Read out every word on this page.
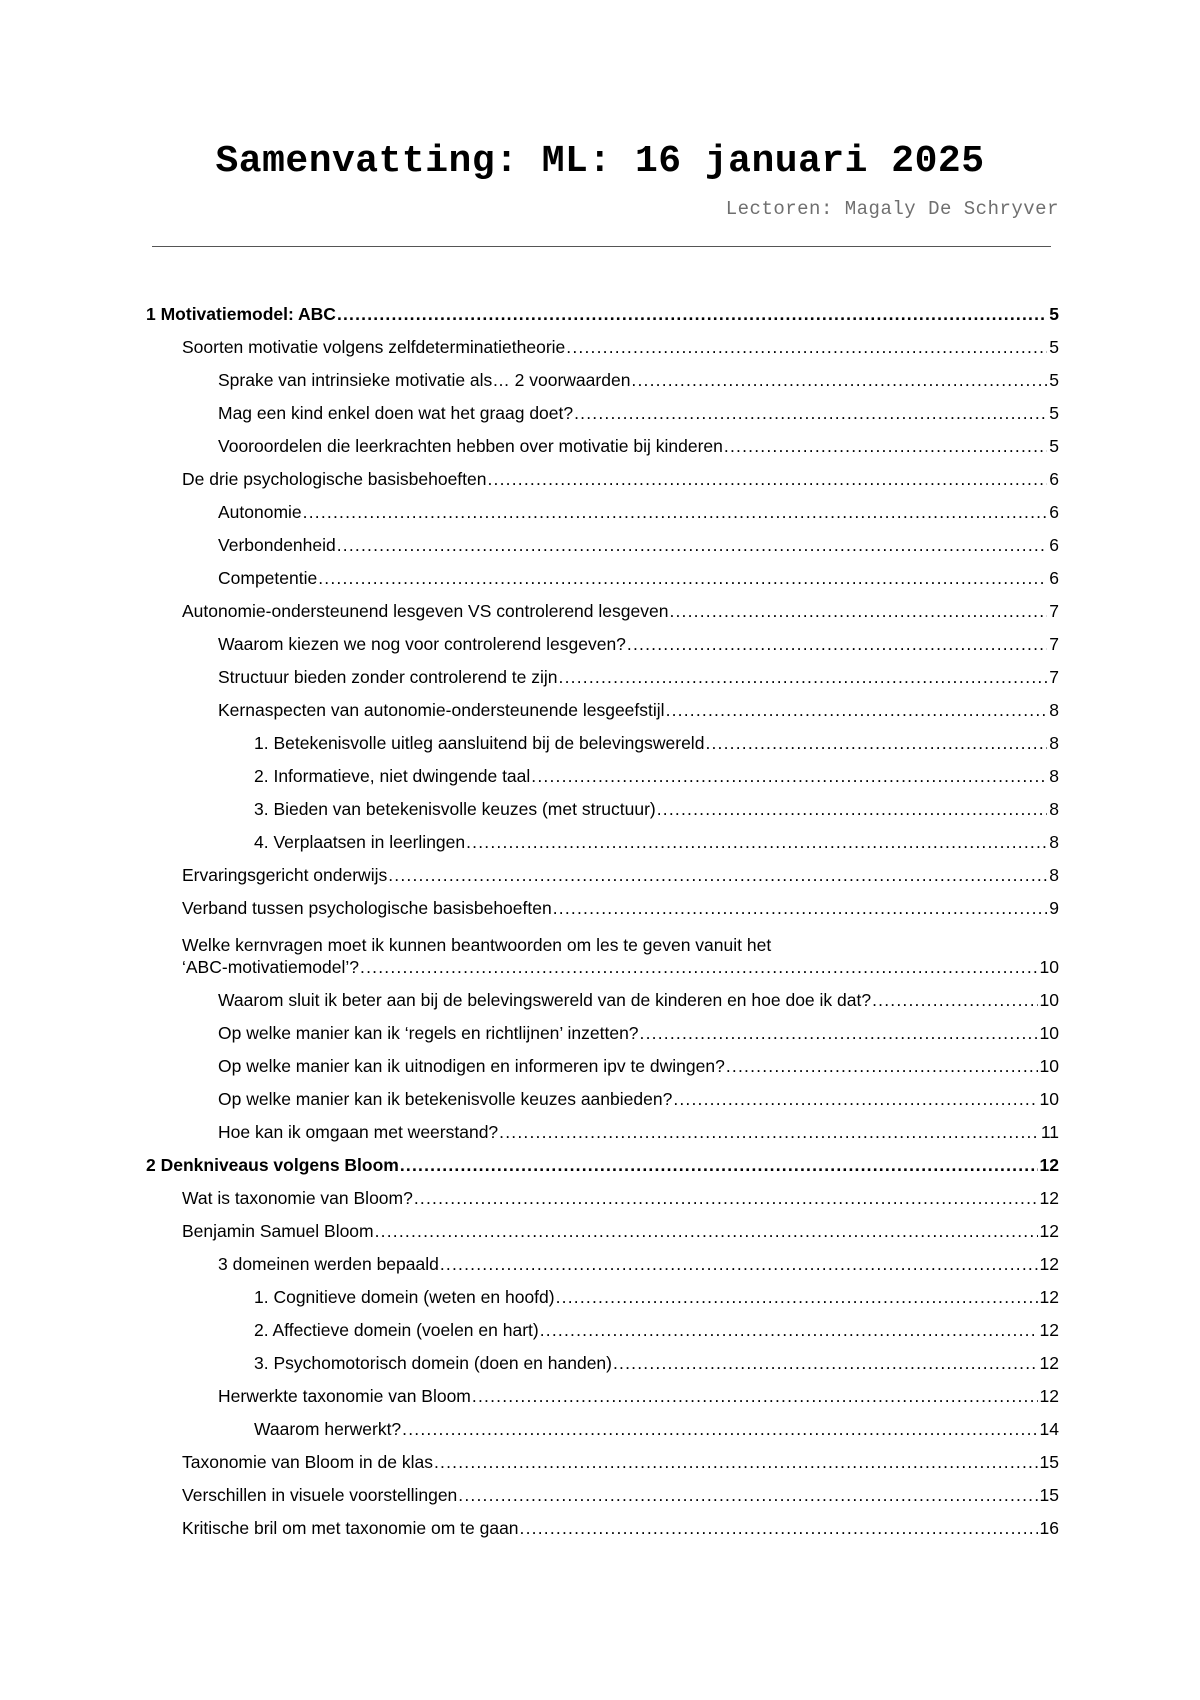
Samenvatting: ML: 16 januari 2025
Lectoren: Magaly De Schryver
1 Motivatiemodel: ABC .....	5
Soorten motivatie volgens zelfdeterminatietheorie .....	5
Sprake van intrinsieke motivatie als… 2 voorwaarden .....	5
Mag een kind enkel doen wat het graag doet? .....	5
Vooroordelen die leerkrachten hebben over motivatie bij kinderen .....	5
De drie psychologische basisbehoeften .....	6
Autonomie .....	6
Verbondenheid .....	6
Competentie .....	6
Autonomie-ondersteunend lesgeven VS controlerend lesgeven .....	7
Waarom kiezen we nog voor controlerend lesgeven? .....	7
Structuur bieden zonder controlerend te zijn .....	7
Kernaspecten van autonomie-ondersteunende lesgeefstijl .....	8
1. Betekenisvolle uitleg aansluitend bij de belevingswereld .....	8
2. Informatieve, niet dwingende taal .....	8
3. Bieden van betekenisvolle keuzes (met structuur) .....	8
4. Verplaatsen in leerlingen .....	8
Ervaringsgericht onderwijs .....	8
Verband tussen psychologische basisbehoeften .....	9
Welke kernvragen moet ik kunnen beantwoorden om les te geven vanuit het
‘ABC-motivatiemodel’? .....	10
Waarom sluit ik beter aan bij de belevingswereld van de kinderen en hoe doe ik dat? .....	10
Op welke manier kan ik ‘regels en richtlijnen’ inzetten? .....	10
Op welke manier kan ik uitnodigen en informeren ipv te dwingen? .....	10
Op welke manier kan ik betekenisvolle keuzes aanbieden? .....	10
Hoe kan ik omgaan met weerstand? .....	11
2 Denkniveaus volgens Bloom .....	12
Wat is taxonomie van Bloom? .....	12
Benjamin Samuel Bloom .....	12
3 domeinen werden bepaald .....	12
1. Cognitieve domein (weten en hoofd) .....	12
2. Affectieve domein (voelen en hart) .....	12
3. Psychomotorisch domein (doen en handen) .....	12
Herwerkte taxonomie van Bloom .....	12
Waarom herwerkt? .....	14
Taxonomie van Bloom in de klas .....	15
Verschillen in visuele voorstellingen .....	15
Kritische bril om met taxonomie om te gaan .....	16
